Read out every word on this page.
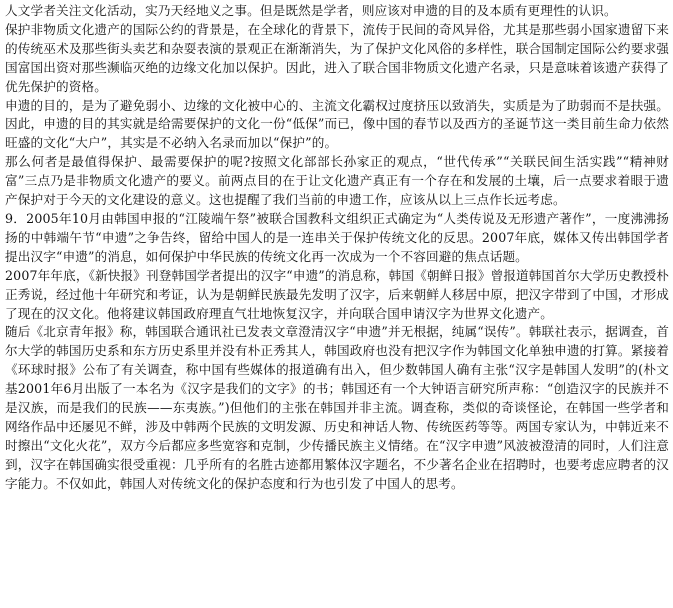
人文学者关注文化活动，实乃天经地义之事。但是既然是学者，则应该对申遗的目的及本质有更理性的认识。

保护非物质文化遗产的国际公约的背景是，在全球化的背景下，流传于民间的奇风异俗，尤其是那些弱小国家遗留下来的传统巫术及那些街头卖艺和杂耍表演的景观正在渐渐消失，为了保护文化风俗的多样性，联合国制定国际公约要求强国富国出资对那些濒临灭绝的边缘文化加以保护。因此，进入了联合国非物质文化遗产名录，只是意味着该遗产获得了优先保护的资格。

申遗的目的，是为了避免弱小、边缘的文化被中心的、主流文化霸权过度挤压以致消失，实质是为了助弱而不是扶强。因此，申遗的目的其实就是给需要保护的文化一份“低保”而已，像中国的春节以及西方的圣诞节这一类目前生命力依然旺盛的文化“大户”，其实是不必纳入名录而加以“保护”的。

那么何者是最值得保护、最需要保护的呢?按照文化部部长孙家正的观点，“世代传承”“关联民间生活实践”“精神财富”三点乃是非物质文化遗产的要义。前两点目的在于让文化遗产真正有一个存在和发展的土壤，后一点要求着眼于遗产保护对于今天的文化建设的意义。这也提醒了我们当前的申遗工作，应该从以上三点作长远考虑。

9．2005年10月由韩国申报的“江陵端午祭”被联合国教科文组织正式确定为“人类传说及无形遗产著作”，一度沸沸扬扬的中韩端午节“申遗”之争告终，留给中国人的是一连串关于保护传统文化的反思。2007年底，媒体又传出韩国学者提出汉字“申遗”的消息，如何保护中华民族的传统文化再一次成为一个不容回避的焦点话题。

2007年年底，《新快报》刊登韩国学者提出的汉字“申遗”的消息称，韩国《朝鲜日报》曾报道韩国首尔大学历史教授朴正秀说，经过他十年研究和考证，认为是朝鲜民族最先发明了汉字，后来朝鲜人移居中原，把汉字带到了中国，才形成了现在的汉文化。他将建议韩国政府理直气壮地恢复汉字，并向联合国申请汉字为世界文化遗产。

随后《北京青年报》称，韩国联合通讯社已发表文章澄清汉字“申遗”并无根据，纯属“误传”。韩联社表示，据调查，首尔大学的韩国历史系和东方历史系里并没有朴正秀其人，韩国政府也没有把汉字作为韩国文化单独申遗的打算。紧接着《环球时报》公布了有关调查，称中国有些媒体的报道确有出入，但少数韩国人确有主张“汉字是韩国人发明”的(朴文基2001年6月出版了一本名为《汉字是我们的文字》的书；韩国还有一个大钟语言研究所声称：“创造汉字的民族并不是汉族，而是我们的民族——东夷族。”)但他们的主张在韩国并非主流。调查称，类似的奇谈怪论，在韩国一些学者和网络作品中还屡见不鲜，涉及中韩两个民族的文明发源、历史和神话人物、传统医药等等。两国专家认为，中韩近来不时擦出“文化火花”，双方今后都应多些宽容和克制，少传播民族主义情绪。在“汉字申遗”风波被澄清的同时，人们注意到，汉字在韩国确实很受重视：几乎所有的名胜古迹都用繁体汉字题名，不少著名企业在招聘时，也要考虑应聘者的汉字能力。不仅如此，韩国人对传统文化的保护态度和行为也引发了中国人的思考。
